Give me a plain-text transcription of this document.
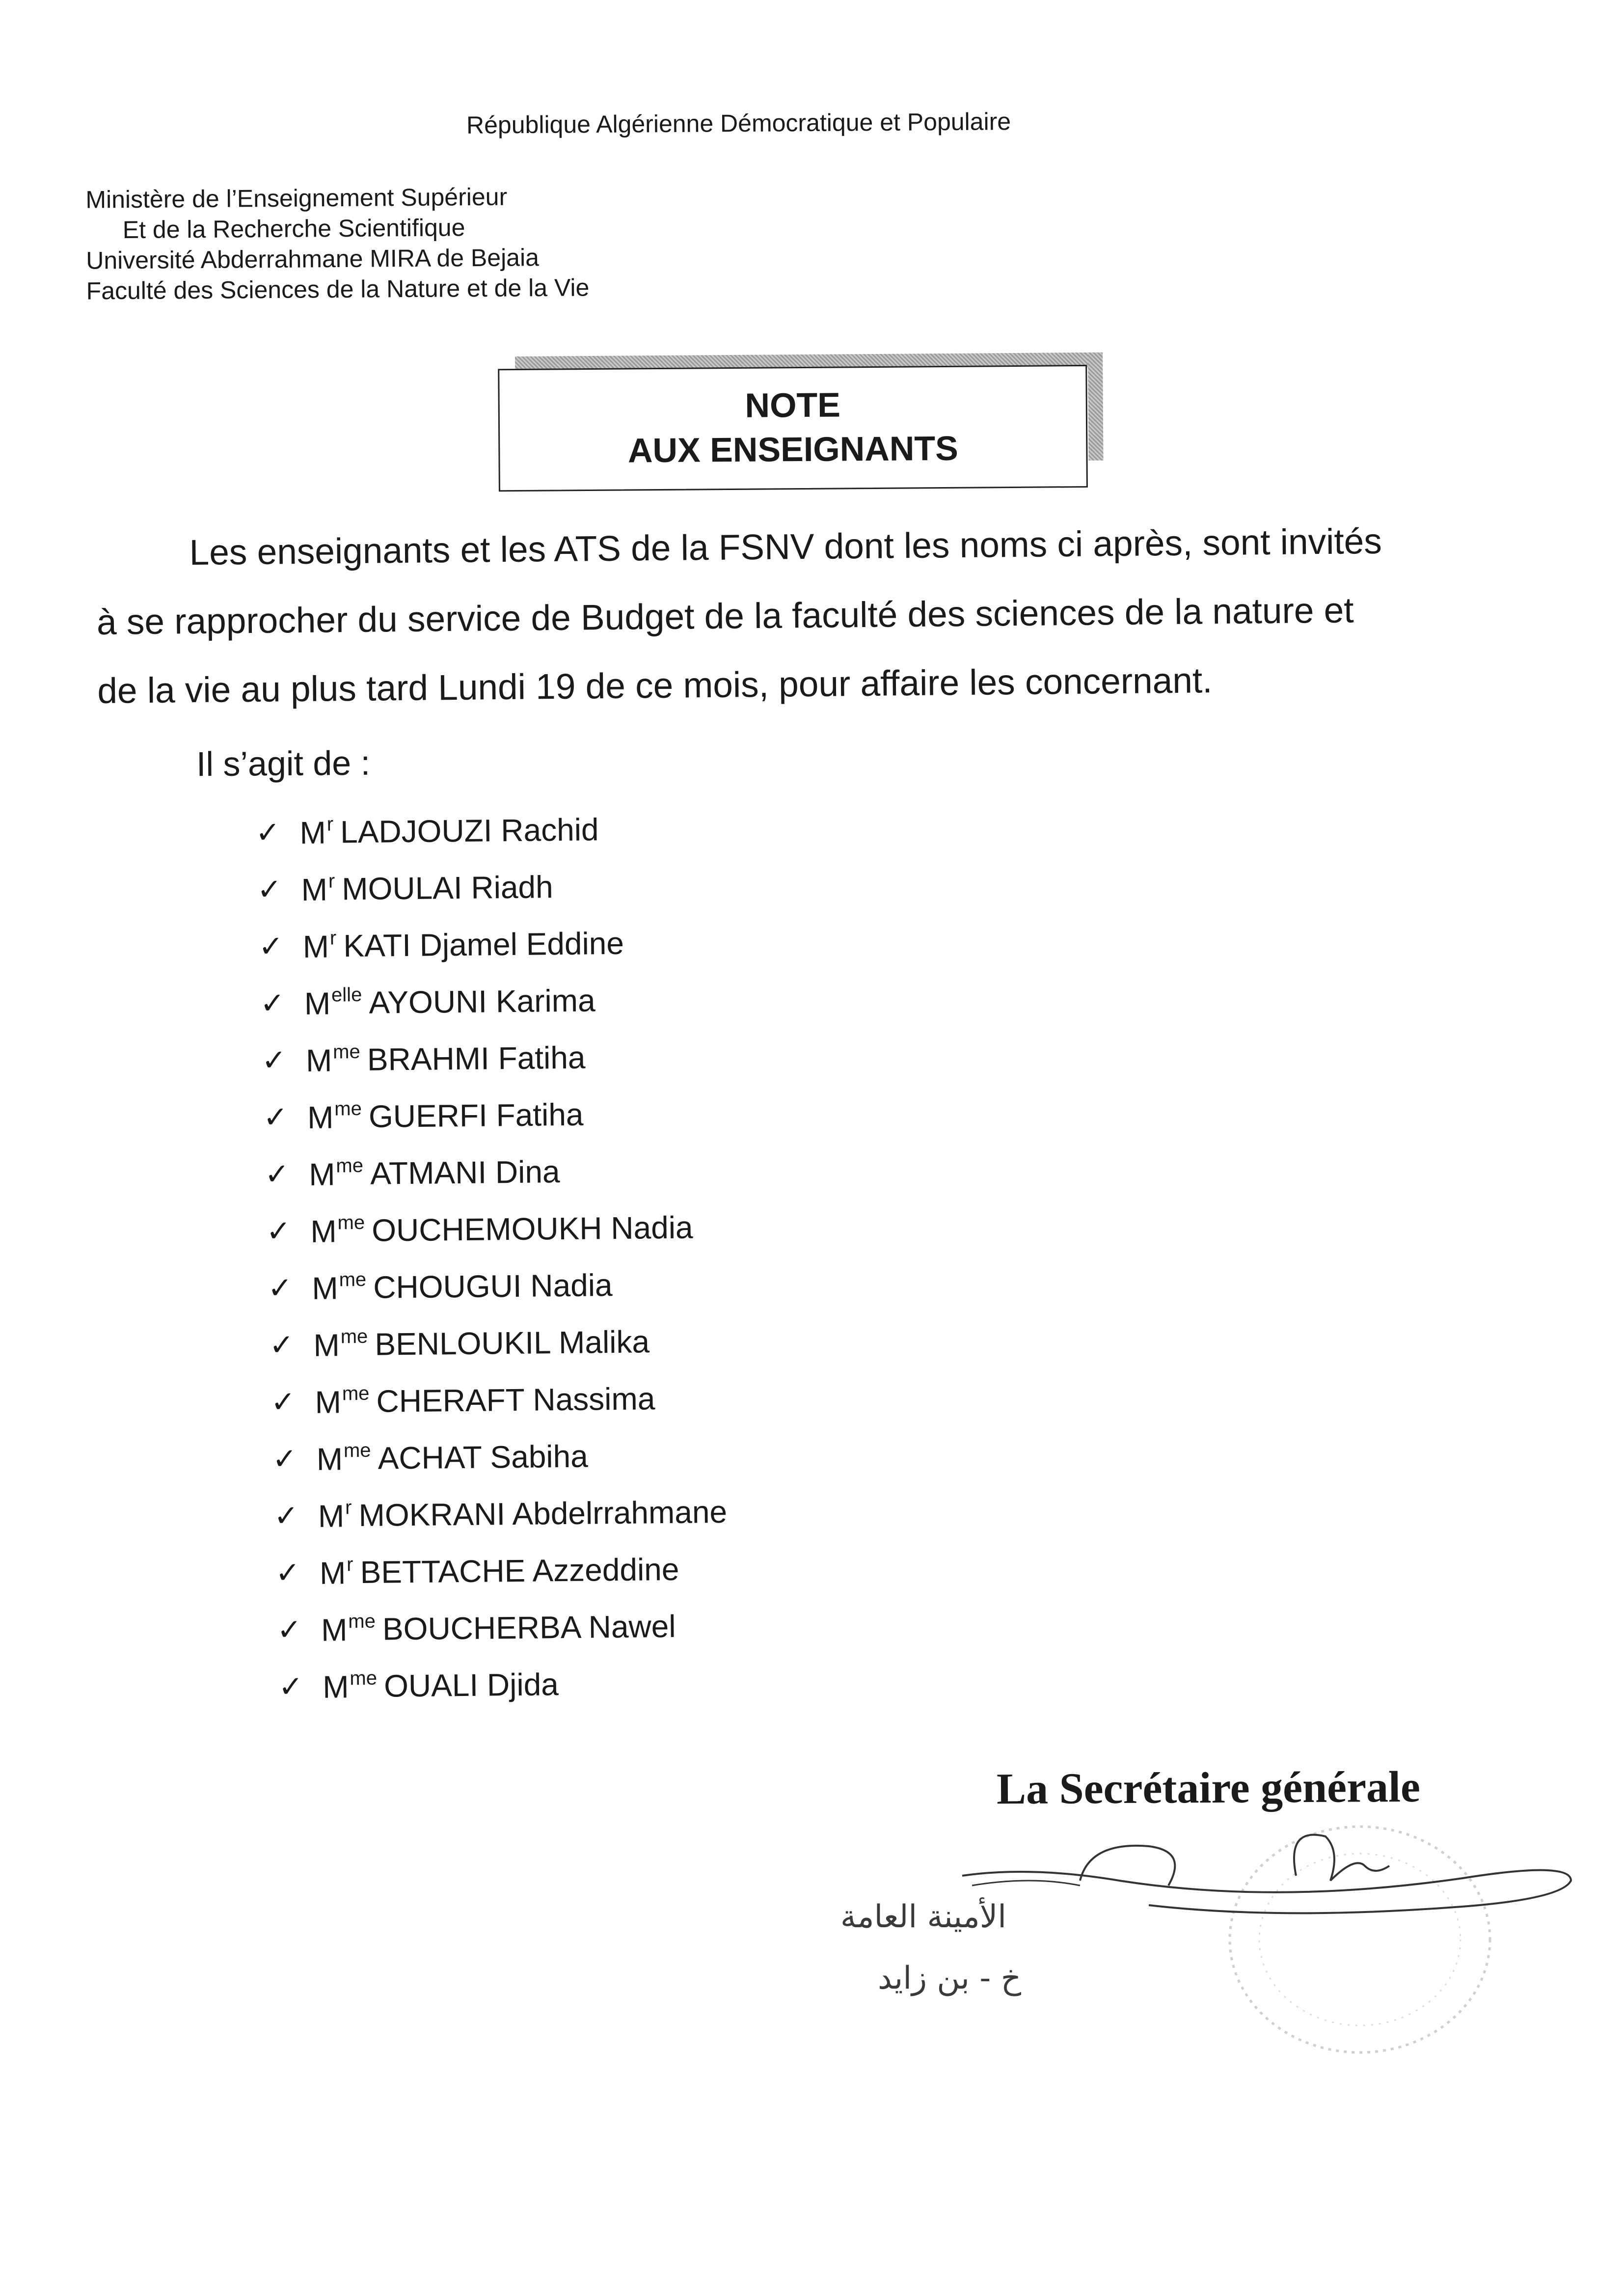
République Algérienne Démocratique et Populaire
Ministère de l’Enseignement Supérieur
Et de la Recherche Scientifique
Université Abderrahmane MIRA de Bejaia
Faculté des Sciences de la Nature et de la Vie
NOTE
AUX ENSEIGNANTS
Les enseignants et les ATS de la FSNV dont les noms ci après, sont invités
à se rapprocher du service de Budget de la faculté des sciences de la nature et
de la vie au plus tard Lundi 19 de ce mois, pour affaire les concernant.
Il s’agit de :
✓ $M^r$ LADJOUZI Rachid
✓ $M^r$ MOULAI Riadh
✓ $M^r$ KATI Djamel Eddine
✓ $M^{elle}$ AYOUNI Karima
✓ $M^{me}$ BRAHMI Fatiha
✓ $M^{me}$ GUERFI Fatiha
✓ $M^{me}$ ATMANI Dina
✓ $M^{me}$ OUCHEMOUKH Nadia
✓ $M^{me}$ CHOUGUI Nadia
✓ $M^{me}$ BENLOUKIL Malika
✓ $M^{me}$ CHERAFT Nassima
✓ $M^{me}$ ACHAT Sabiha
✓ $M^r$ MOKRANI Abdelrrahmane
✓ $M^r$ BETTACHE Azzeddine
✓ $M^{me}$ BOUCHERBA Nawel
✓ $M^{me}$ OUALI Djida
La Secrétaire générale
الأمينة العامة
خ - بن زايد
